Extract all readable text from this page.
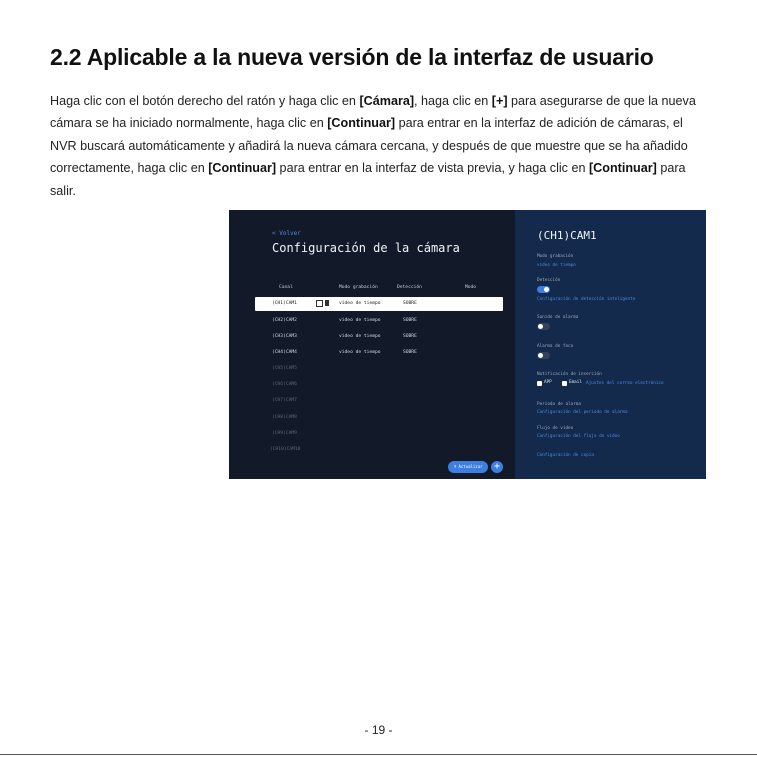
2.2 Aplicable a la nueva versión de la interfaz de usuario

Haga clic con el botón derecho del ratón y haga clic en [Cámara], haga clic en [+] para asegurarse de que la nueva cámara se ha iniciado normalmente, haga clic en [Continuar] para entrar en la interfaz de adición de cámaras, el NVR buscará automáticamente y añadirá la nueva cámara cercana, y después de que muestre que se ha añadido correctamente, haga clic en [Continuar] para entrar en la interfaz de vista previa, y haga clic en [Continuar] para salir.

< Volver
Configuración de la cámara
Canal	Modo grabación	Detección	Modo
(CH1)CAM1	vídeo de tiempo	SOBRE
(CH2)CAM2	vídeo de tiempo	SOBRE
(CH3)CAM3	vídeo de tiempo	SOBRE
(CH4)CAM4	vídeo de tiempo	SOBRE
(CH5)CAM5
(CH6)CAM6
(CH7)CAM7
(CH8)CAM8
(CH9)CAM9
(CH10)CAM10
⬆ Actualizar	+
(CH1)CAM1
Modo grabación
vídeo de tiempo
Detección
Configuración de detección inteligente
Sonido de alarma
Alarma de foco
Notificación de inserción
APP	Email Ajustes del correo electrónico
Periodo de alarma
Configuración del periodo de alarma
Flujo de vídeo
Configuración del flujo de vídeo
Configuración de copia
- 19 -
